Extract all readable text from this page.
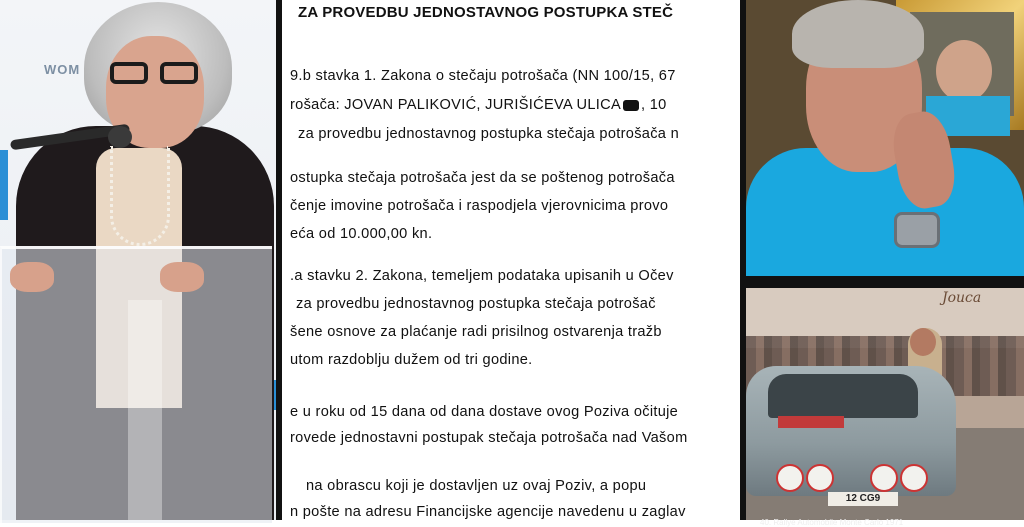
WOM
ZA PROVEDBU JEDNOSTAVNOG POSTUPKA STEČ
9.b stavka 1. Zakona o stečaju potrošača (NN 100/15, 67
rošača: JOVAN PALIKOVIĆ, JURIŠIĆEVA ULICA , 10
za provedbu jednostavnog postupka stečaja potrošača n
ostupka stečaja potrošača jest da se poštenog potrošača
čenje imovine potrošača i raspodjela vjerovnicima provo
eća od 10.000,00 kn.
.a stavku 2. Zakona, temeljem podataka upisanih u Očev
za provedbu jednostavnog postupka stečaja potrošač
šene osnove za plaćanje radi prisilnog ostvarenja tražb
utom razdoblju dužem od tri godine.
e u roku od 15 dana od dana dostave ovog Poziva očituje
rovede jednostavni postupak stečaja potrošača nad Vašom
na obrascu koji je dostavljen uz ovaj Poziv, a popu
n pošte na adresu Financijske agencije navedenu u zaglav
Jouca
12 CG9
40. Rallye Automobile Monte Carlo 1971
